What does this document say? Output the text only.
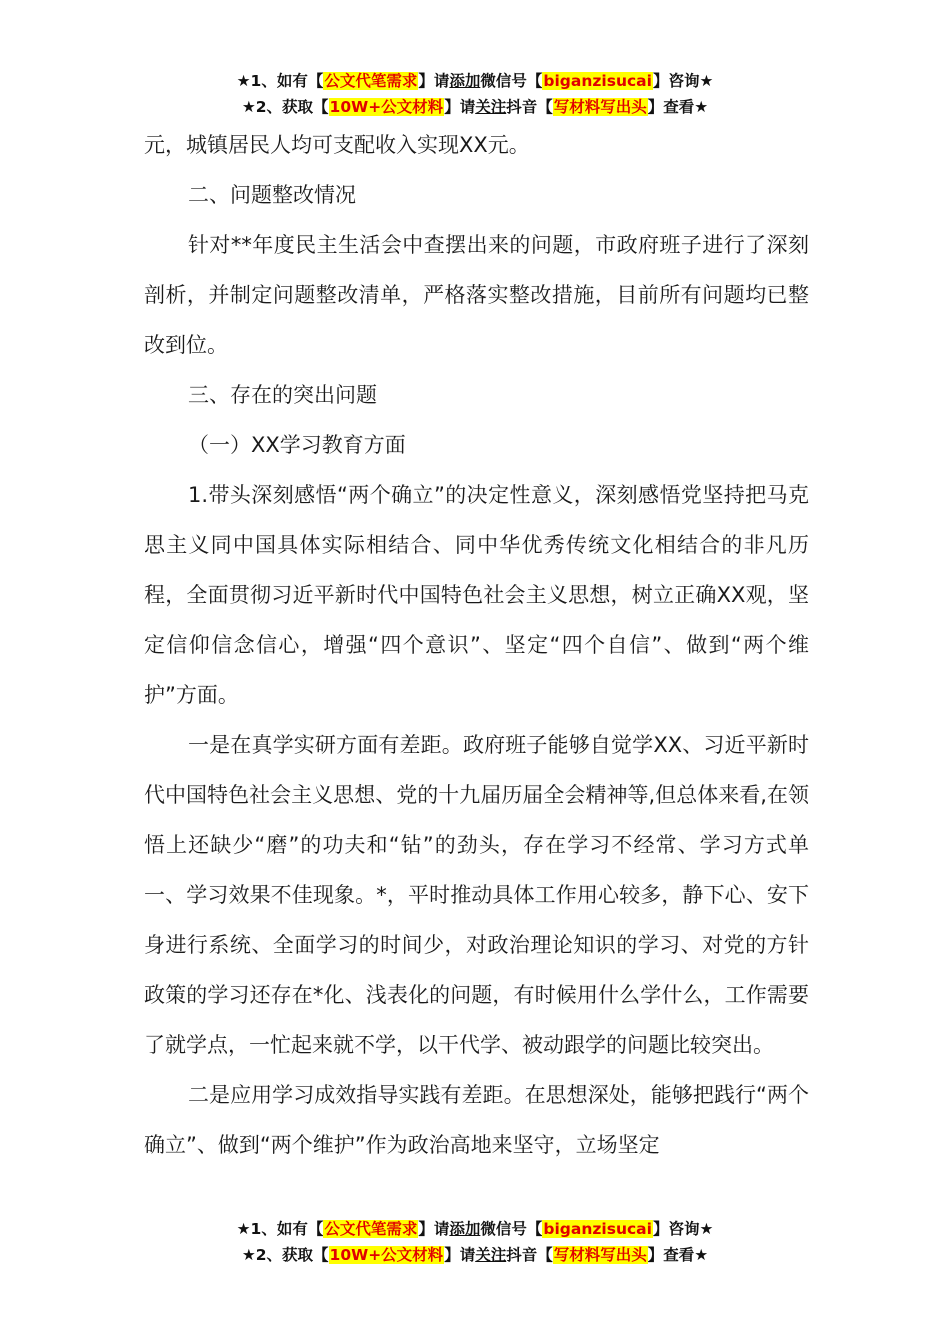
★1、如有【公文代笔需求】请添加微信号【biganzisucai】咨询★
★2、获取【10W+公文材料】请关注抖音【写材料写出头】查看★

元，城镇居民人均可支配收入实现XX元。

二、问题整改情况

针对**年度民主生活会中查摆出来的问题，市政府班子进行了深刻剖析，并制定问题整改清单，严格落实整改措施，目前所有问题均已整改到位。

三、存在的突出问题

（一）XX学习教育方面

1.带头深刻感悟“两个确立”的决定性意义，深刻感悟党坚持把马克思主义同中国具体实际相结合、同中华优秀传统文化相结合的非凡历程，全面贯彻习近平新时代中国特色社会主义思想，树立正确XX观，坚定信仰信念信心，增强“四个意识”、坚定“四个自信”、做到“两个维护”方面。

一是在真学实研方面有差距。政府班子能够自觉学XX、习近平新时代中国特色社会主义思想、党的十九届历届全会精神等,但总体来看,在领悟上还缺少“磨”的功夫和“钻”的劲头，存在学习不经常、学习方式单一、学习效果不佳现象。*，平时推动具体工作用心较多，静下心、安下身进行系统、全面学习的时间少，对政治理论知识的学习、对党的方针政策的学习还存在*化、浅表化的问题，有时候用什么学什么，工作需要了就学点，一忙起来就不学，以干代学、被动跟学的问题比较突出。

二是应用学习成效指导实践有差距。在思想深处，能够把践行“两个确立”、做到“两个维护”作为政治高地来坚守，立场坚定

★1、如有【公文代笔需求】请添加微信号【biganzisucai】咨询★
★2、获取【10W+公文材料】请关注抖音【写材料写出头】查看★
